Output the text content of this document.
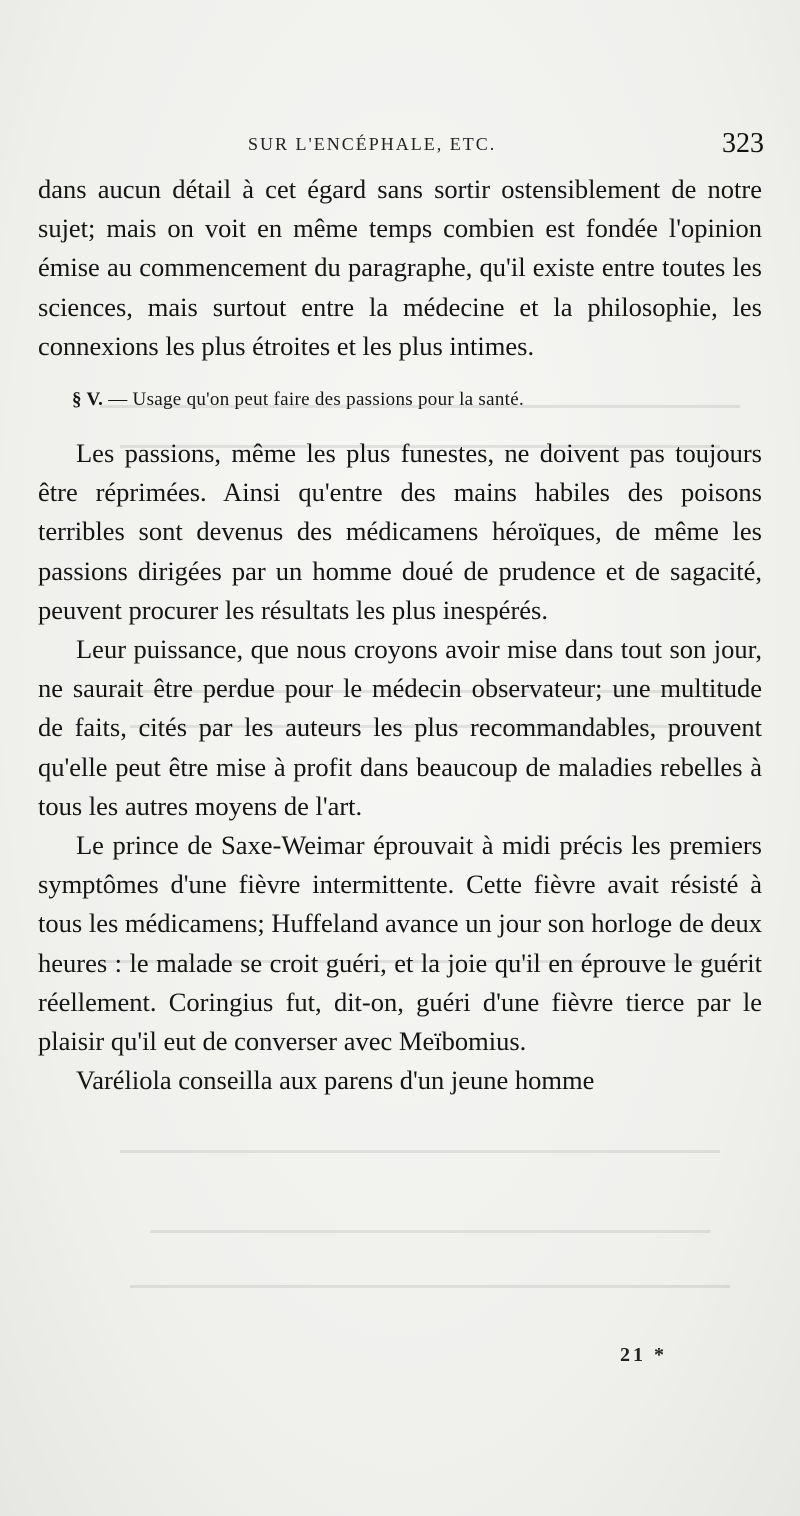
SUR L'ENCÉPHALE, ETC.	323

dans aucun détail à cet égard sans sortir ostensiblement de notre sujet; mais on voit en même temps combien est fondée l'opinion émise au commencement du paragraphe, qu'il existe entre toutes les sciences, mais surtout entre la médecine et la philosophie, les connexions les plus étroites et les plus intimes.

§ V. — Usage qu'on peut faire des passions pour la santé.

Les passions, même les plus funestes, ne doivent pas toujours être réprimées. Ainsi qu'entre des mains habiles des poisons terribles sont devenus des médicamens héroïques, de même les passions dirigées par un homme doué de prudence et de sagacité, peuvent procurer les résultats les plus inespérés.

Leur puissance, que nous croyons avoir mise dans tout son jour, ne saurait être perdue pour le médecin observateur; une multitude de faits, cités par les auteurs les plus recommandables, prouvent qu'elle peut être mise à profit dans beaucoup de maladies rebelles à tous les autres moyens de l'art.

Le prince de Saxe-Weimar éprouvait à midi précis les premiers symptômes d'une fièvre intermittente. Cette fièvre avait résisté à tous les médicamens; Huffeland avance un jour son horloge de deux heures : le malade se croit guéri, et la joie qu'il en éprouve le guérit réellement. Coringius fut, dit-on, guéri d'une fièvre tierce par le plaisir qu'il eut de converser avec Meïbomius.

Varéliola conseilla aux parens d'un jeune homme

21 *
